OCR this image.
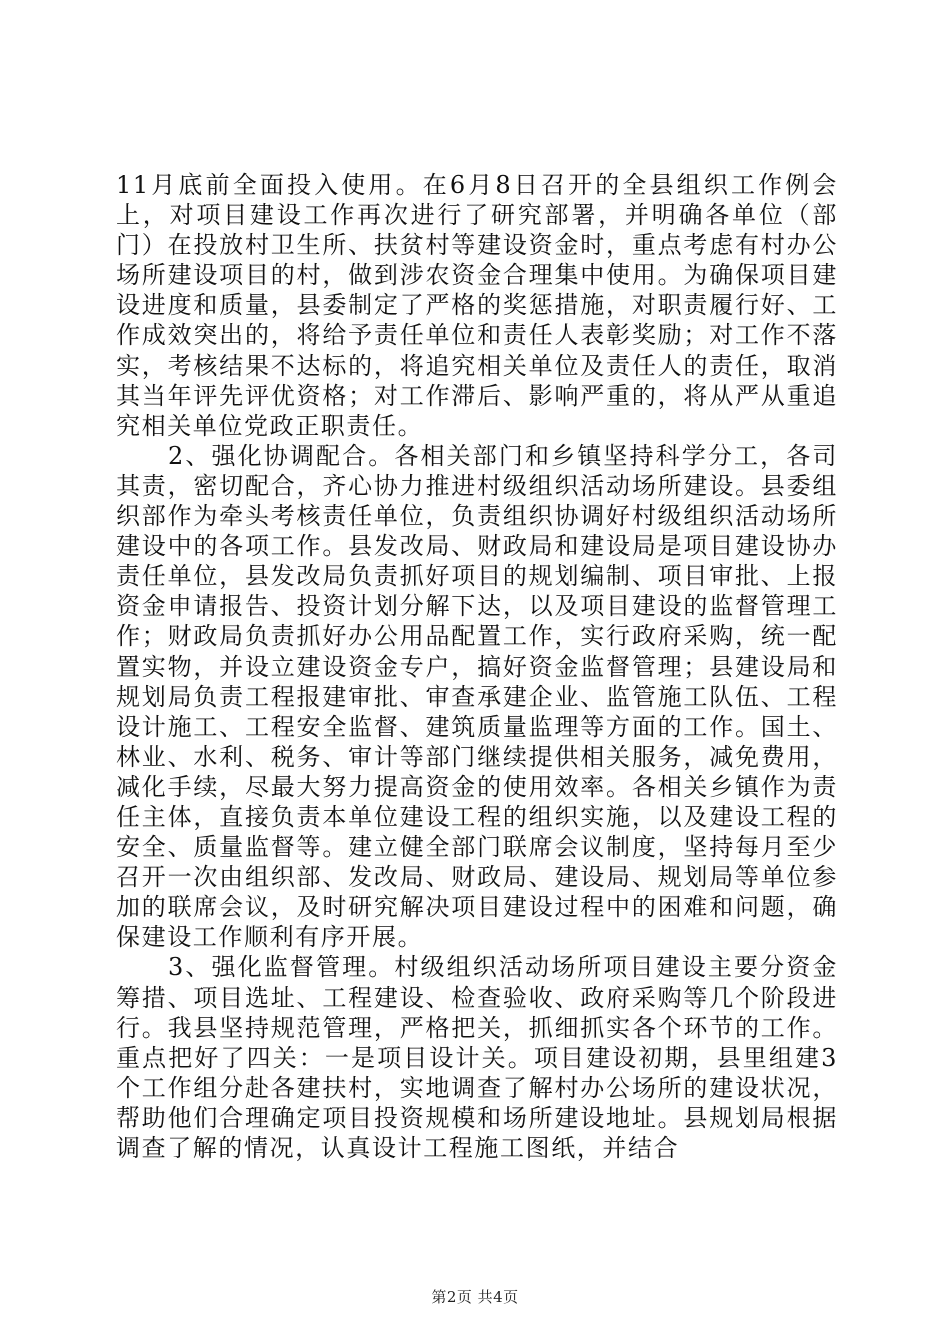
11月底前全面投入使用。在6月8日召开的全县组织工作例会上，对项目建设工作再次进行了研究部署，并明确各单位（部门）在投放村卫生所、扶贫村等建设资金时，重点考虑有村办公场所建设项目的村，做到涉农资金合理集中使用。为确保项目建设进度和质量，县委制定了严格的奖惩措施，对职责履行好、工作成效突出的，将给予责任单位和责任人表彰奖励；对工作不落实，考核结果不达标的，将追究相关单位及责任人的责任，取消其当年评先评优资格；对工作滞后、影响严重的，将从严从重追究相关单位党政正职责任。

2、强化协调配合。各相关部门和乡镇坚持科学分工，各司其责，密切配合，齐心协力推进村级组织活动场所建设。县委组织部作为牵头考核责任单位，负责组织协调好村级组织活动场所建设中的各项工作。县发改局、财政局和建设局是项目建设协办责任单位，县发改局负责抓好项目的规划编制、项目审批、上报资金申请报告、投资计划分解下达，以及项目建设的监督管理工作；财政局负责抓好办公用品配置工作，实行政府采购，统一配置实物，并设立建设资金专户，搞好资金监督管理；县建设局和规划局负责工程报建审批、审查承建企业、监管施工队伍、工程设计施工、工程安全监督、建筑质量监理等方面的工作。国土、林业、水利、税务、审计等部门继续提供相关服务，减免费用，减化手续，尽最大努力提高资金的使用效率。各相关乡镇作为责任主体，直接负责本单位建设工程的组织实施，以及建设工程的安全、质量监督等。建立健全部门联席会议制度，坚持每月至少召开一次由组织部、发改局、财政局、建设局、规划局等单位参加的联席会议，及时研究解决项目建设过程中的困难和问题，确保建设工作顺利有序开展。

3、强化监督管理。村级组织活动场所项目建设主要分资金筹措、项目选址、工程建设、检查验收、政府采购等几个阶段进行。我县坚持规范管理，严格把关，抓细抓实各个环节的工作。重点把好了四关：一是项目设计关。项目建设初期，县里组建3个工作组分赴各建扶村，实地调查了解村办公场所的建设状况，帮助他们合理确定项目投资规模和场所建设地址。县规划局根据调查了解的情况，认真设计工程施工图纸，并结合

第2页 共4页
